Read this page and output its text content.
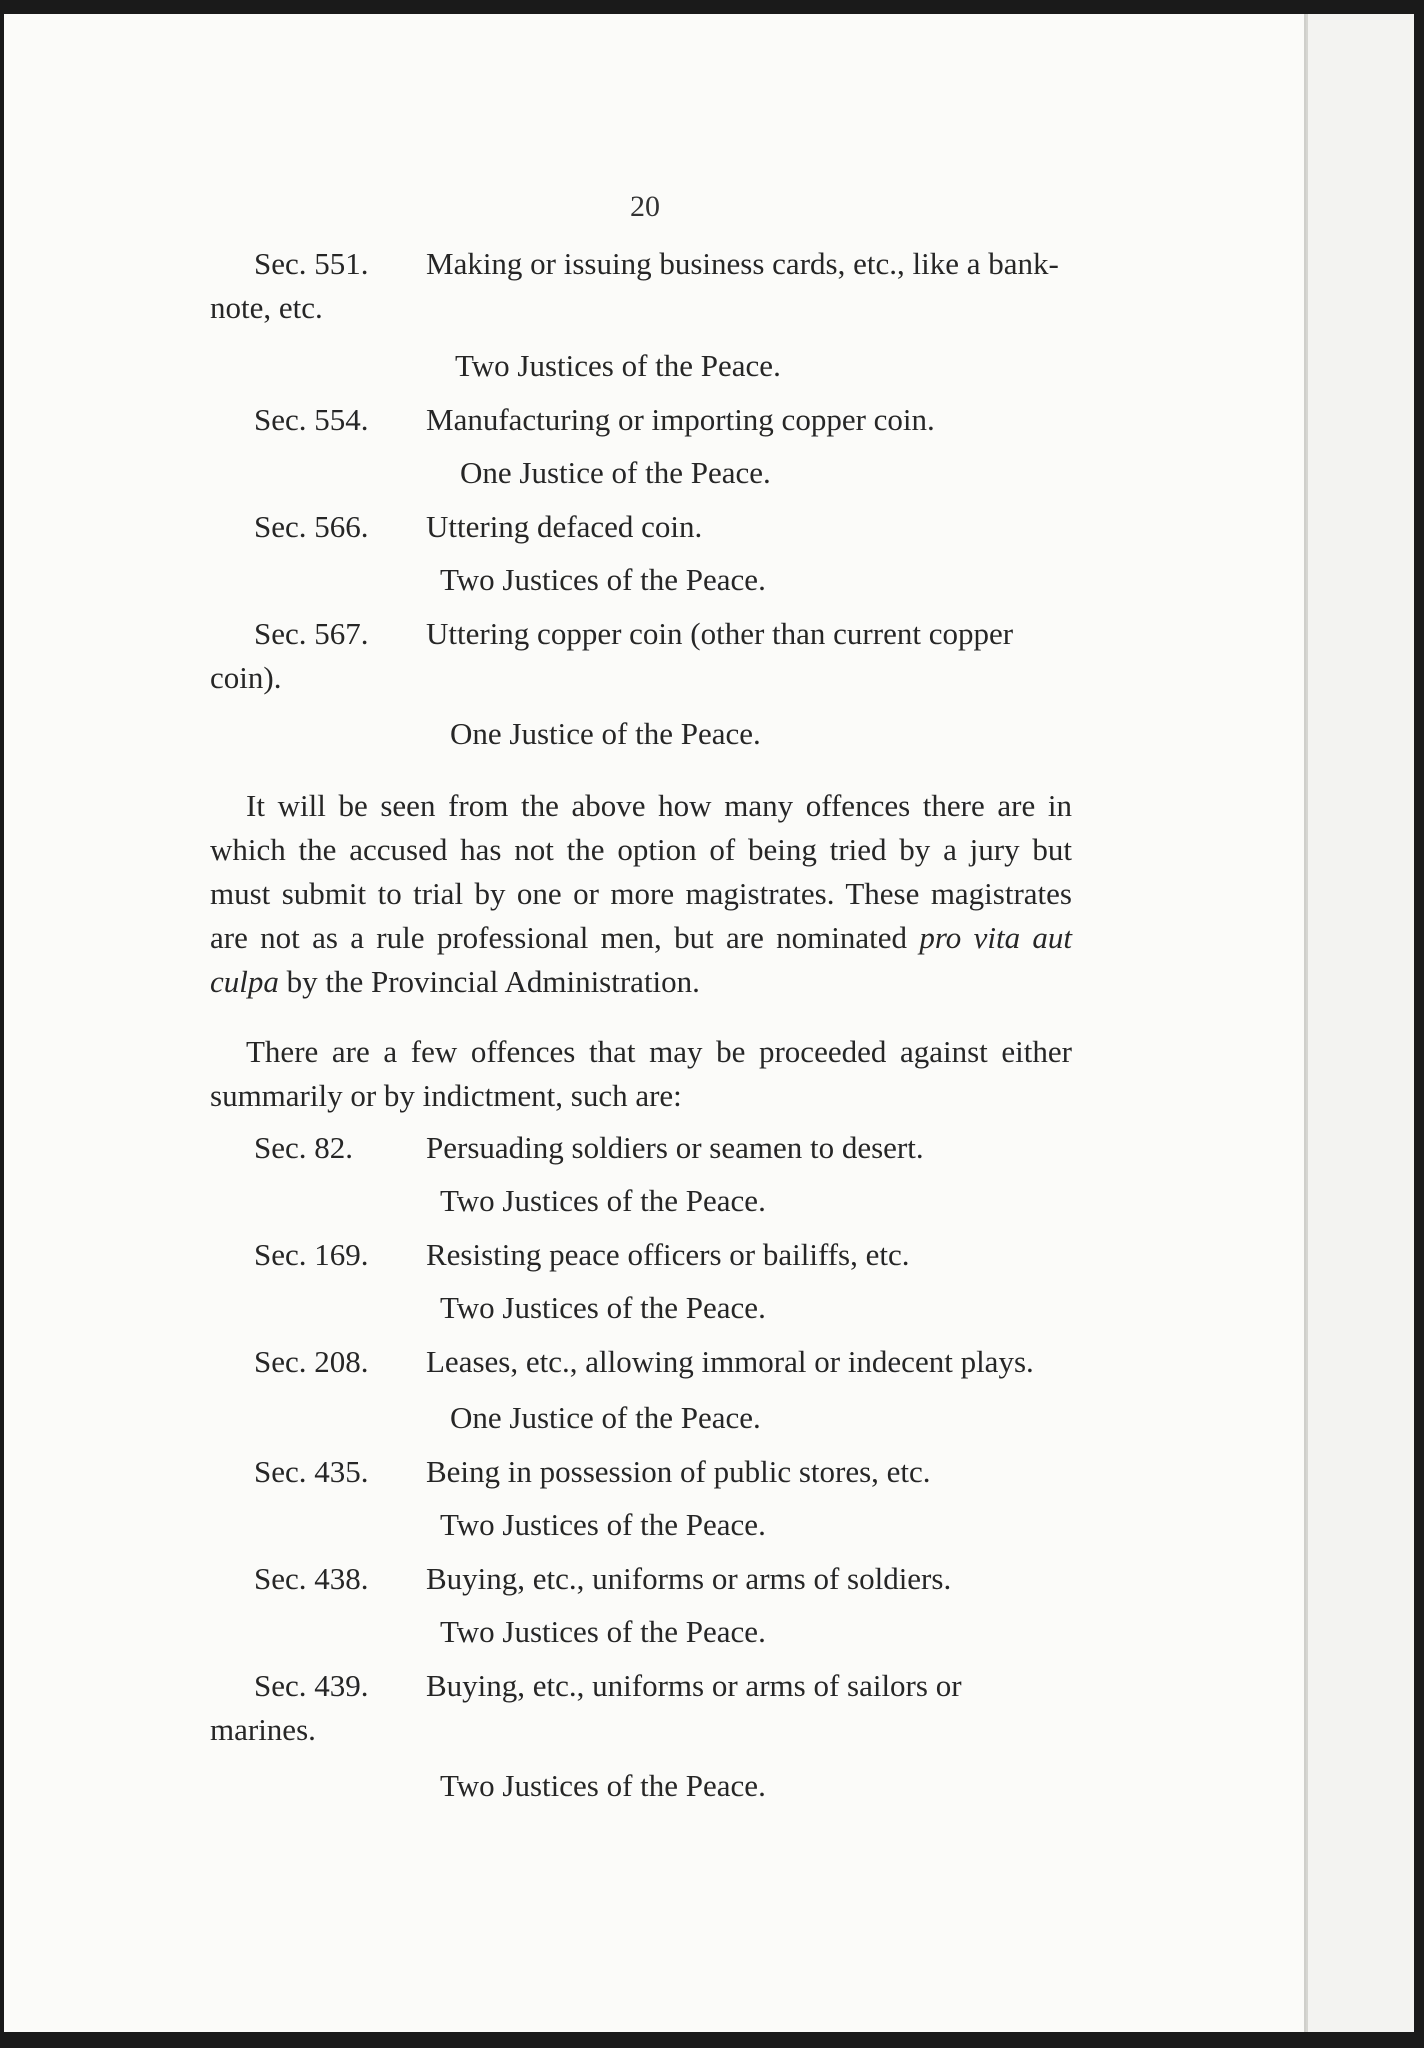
20

Sec. 551. Making or issuing business cards, etc., like a bank-note, etc.

Two Justices of the Peace.

Sec. 554. Manufacturing or importing copper coin.

One Justice of the Peace.

Sec. 566. Uttering defaced coin.

Two Justices of the Peace.

Sec. 567. Uttering copper coin (other than current copper coin).

One Justice of the Peace.

It will be seen from the above how many offences there are in which the accused has not the option of being tried by a jury but must submit to trial by one or more magistrates. These magistrates are not as a rule professional men, but are nominated pro vita aut culpa by the Provincial Administration.

There are a few offences that may be proceeded against either summarily or by indictment, such are:

Sec. 82. Persuading soldiers or seamen to desert.

Two Justices of the Peace.

Sec. 169. Resisting peace officers or bailiffs, etc.

Two Justices of the Peace.

Sec. 208. Leases, etc., allowing immoral or indecent plays.

One Justice of the Peace.

Sec. 435. Being in possession of public stores, etc.

Two Justices of the Peace.

Sec. 438. Buying, etc., uniforms or arms of soldiers.

Two Justices of the Peace.

Sec. 439. Buying, etc., uniforms or arms of sailors or marines.

Two Justices of the Peace.
